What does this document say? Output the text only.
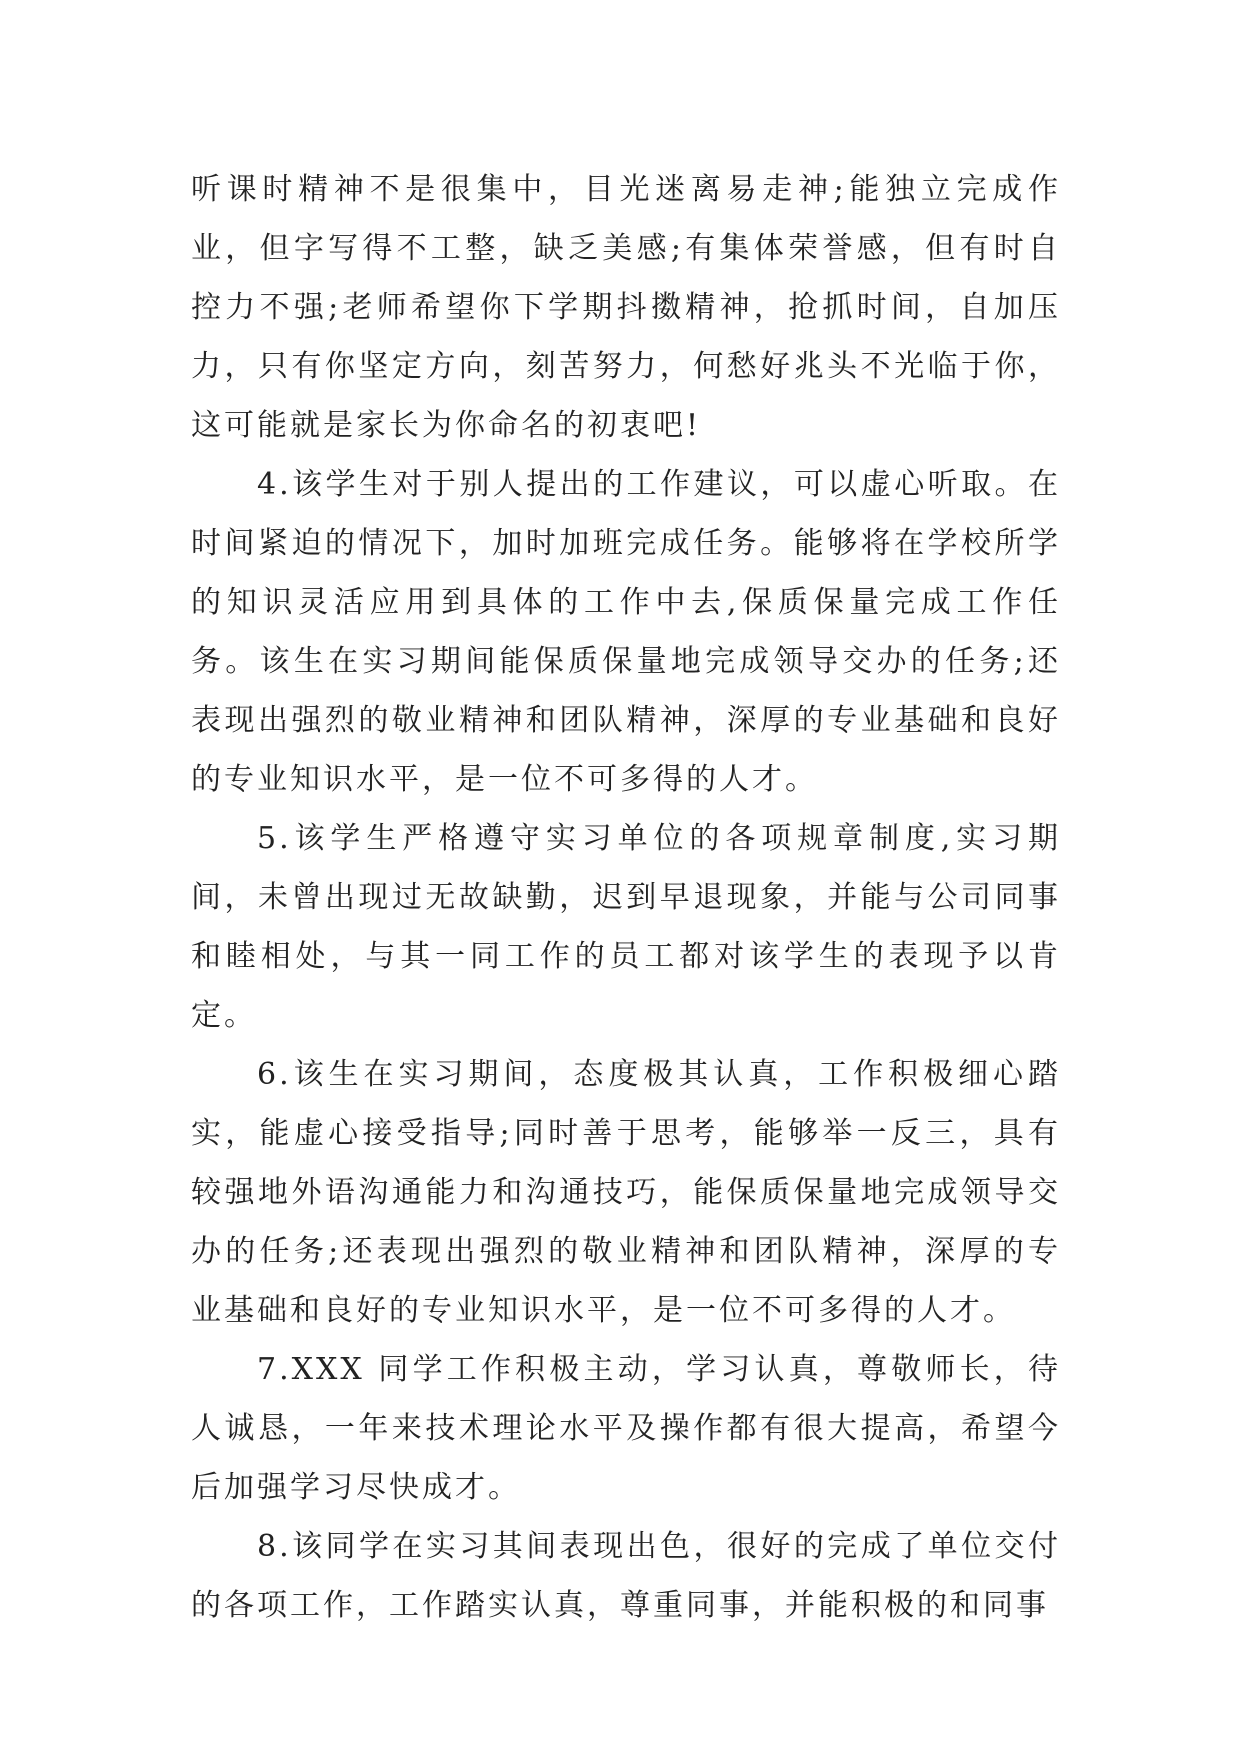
听课时精神不是很集中，目光迷离易走神;能独立完成作业，但字写得不工整，缺乏美感;有集体荣誉感，但有时自控力不强;老师希望你下学期抖擞精神，抢抓时间，自加压力，只有你坚定方向，刻苦努力，何愁好兆头不光临于你，这可能就是家长为你命名的初衷吧!

4.该学生对于别人提出的工作建议，可以虚心听取。在时间紧迫的情况下，加时加班完成任务。能够将在学校所学的知识灵活应用到具体的工作中去,保质保量完成工作任务。该生在实习期间能保质保量地完成领导交办的任务;还表现出强烈的敬业精神和团队精神，深厚的专业基础和良好的专业知识水平，是一位不可多得的人才。

5.该学生严格遵守实习单位的各项规章制度,实习期间，未曾出现过无故缺勤，迟到早退现象，并能与公司同事和睦相处，与其一同工作的员工都对该学生的表现予以肯定。

6.该生在实习期间，态度极其认真，工作积极细心踏实，能虚心接受指导;同时善于思考，能够举一反三，具有较强地外语沟通能力和沟通技巧，能保质保量地完成领导交办的任务;还表现出强烈的敬业精神和团队精神，深厚的专业基础和良好的专业知识水平，是一位不可多得的人才。

7.XXX 同学工作积极主动，学习认真，尊敬师长，待人诚恳，一年来技术理论水平及操作都有很大提高，希望今后加强学习尽快成才。

8.该同学在实习其间表现出色，很好的完成了单位交付的各项工作，工作踏实认真，尊重同事，并能积极的和同事
